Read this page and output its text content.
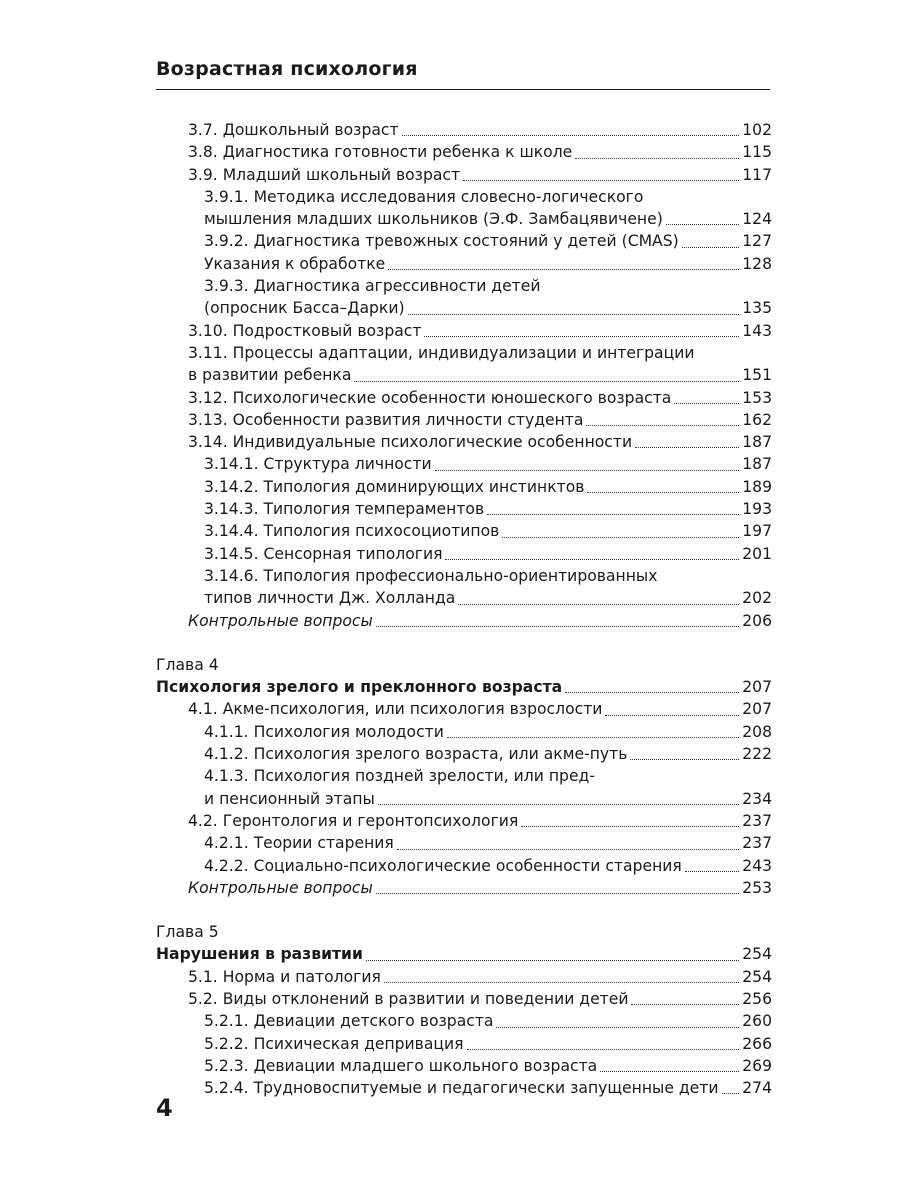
Возрастная психология
3.7. Дошкольный возраст	102
3.8. Диагностика готовности ребенка к школе	115
3.9. Младший школьный возраст	117
3.9.1. Методика исследования словесно-логического
мышления младших школьников (Э.Ф. Замбацявичене)	124
3.9.2. Диагностика тревожных состояний у детей (CMAS)	127
Указания к обработке	128
3.9.3. Диагностика агрессивности детей
(опросник Басса–Дарки)	135
3.10. Подростковый возраст	143
3.11. Процессы адаптации, индивидуализации и интеграции
в развитии ребенка	151
3.12. Психологические особенности юношеского возраста	153
3.13. Особенности развития личности студента	162
3.14. Индивидуальные психологические особенности	187
3.14.1. Структура личности	187
3.14.2. Типология доминирующих инстинктов	189
3.14.3. Типология темпераментов	193
3.14.4. Типология психосоциотипов	197
3.14.5. Сенсорная типология	201
3.14.6. Типология профессионально-ориентированных
типов личности Дж. Холланда	202
Контрольные вопросы	206
Глава 4
Психология зрелого и преклонного возраста	207
4.1. Акме-психология, или психология взрослости	207
4.1.1. Психология молодости	208
4.1.2. Психология зрелого возраста, или акме-путь	222
4.1.3. Психология поздней зрелости, или пред-
и пенсионный этапы	234
4.2. Геронтология и геронтопсихология	237
4.2.1. Теории старения	237
4.2.2. Социально-психологические особенности старения	243
Контрольные вопросы	253
Глава 5
Нарушения в развитии	254
5.1. Норма и патология	254
5.2. Виды отклонений в развитии и поведении детей	256
5.2.1. Девиации детского возраста	260
5.2.2. Психическая депривация	266
5.2.3. Девиации младшего школьного возраста	269
5.2.4. Трудновоспитуемые и педагогически запущенные дети 274
4
